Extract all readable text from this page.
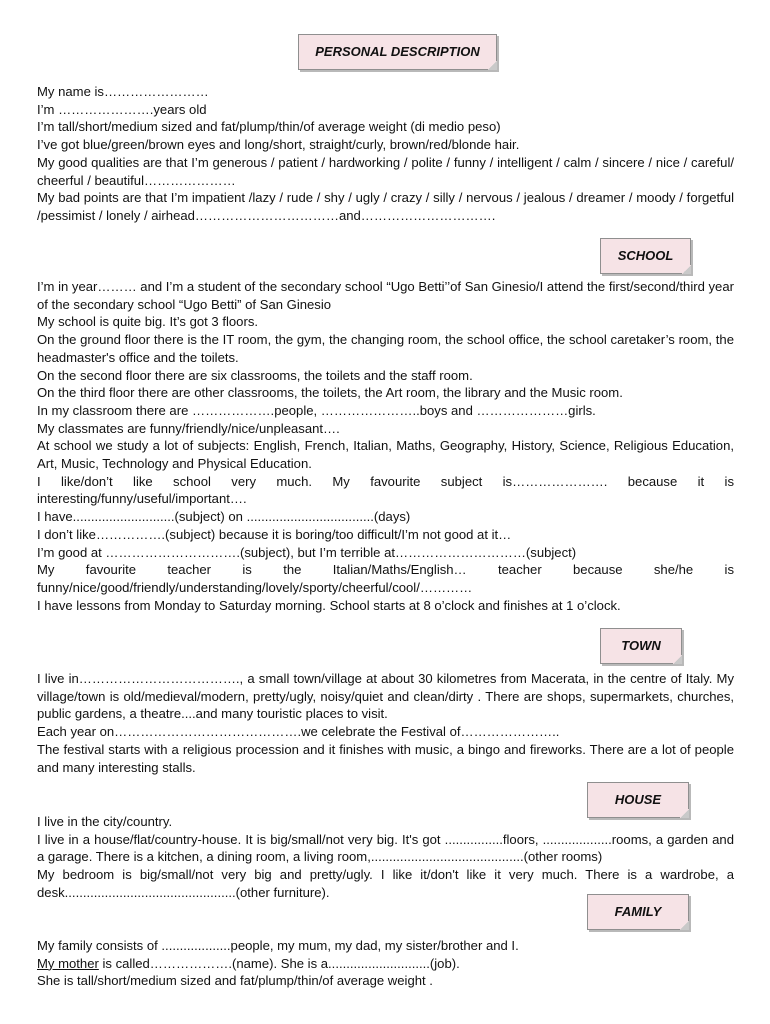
PERSONAL DESCRIPTION

My name is……………………

I’m ………………….years old

I’m tall/short/medium sized and fat/plump/thin/of average weight (di medio peso)

I’ve got blue/green/brown eyes and long/short, straight/curly, brown/red/blonde hair.

My good qualities are that I’m generous / patient / hardworking / polite / funny / intelligent / calm / sincere / nice / careful/ cheerful / beautiful…………………

My bad points are that I’m impatient /lazy / rude / shy / ugly / crazy / silly / nervous / jealous / dreamer / moody / forgetful /pessimist / lonely / airhead……………………………and………………………….

SCHOOL

I’m in year……… and I’m a student of the secondary school “Ugo Betti’’of San Ginesio/I attend the first/second/third year of the secondary school “Ugo Betti” of San Ginesio

My school is quite big. It’s got 3 floors.

On the ground floor there is the IT room, the gym, the changing room, the school office, the school caretaker’s room, the headmaster's office and the toilets.

On the second floor there are six classrooms, the toilets and the staff room.

On the third floor there are other classrooms, the toilets, the Art room, the library and the Music room.

In my classroom there are ……………….people, …………………..boys and …………………girls.

My classmates are funny/friendly/nice/unpleasant….

At school we study a lot of subjects: English, French, Italian, Maths, Geography, History, Science, Religious Education, Art, Music, Technology and Physical Education.

I like/don’t like school very much. My favourite subject is…………………. because it is interesting/funny/useful/important….

I have............................(subject) on ...................................(days)

I don’t like…………….(subject) because it is boring/too difficult/I’m not good at it…

I’m good at ………………………….(subject), but I’m terrible at…………………………(subject)

My favourite teacher is the Italian/Maths/English… teacher because she/he is funny/nice/good/friendly/understanding/lovely/sporty/cheerful/cool/…………

I have lessons from Monday to Saturday morning. School starts at 8 o’clock and finishes at 1 o’clock.

TOWN

I live in………………………………., a small town/village at about 30 kilometres from Macerata, in the centre of Italy. My village/town is old/medieval/modern, pretty/ugly, noisy/quiet and clean/dirty . There are shops, supermarkets, churches, public gardens, a theatre....and many touristic places to visit.

Each year on…………………………………….we celebrate the Festival of…………………..

The festival starts with a religious procession and it finishes with music, a bingo and fireworks. There are a lot of people and many interesting stalls.

HOUSE

I live in the city/country.

I live in a house/flat/country-house. It is big/small/not very big. It's got ................floors, ...................rooms, a garden and a garage. There is a kitchen, a dining room, a living room,..........................................(other rooms)

My bedroom is big/small/not very big and pretty/ugly. I like it/don't like it very much. There is a wardrobe, a desk...............................................(other furniture).

FAMILY

My family consists of ...................people, my mum, my dad, my sister/brother and I.

My mother is called……………….(name). She is a............................(job).

She is tall/short/medium sized and fat/plump/thin/of average weight .
